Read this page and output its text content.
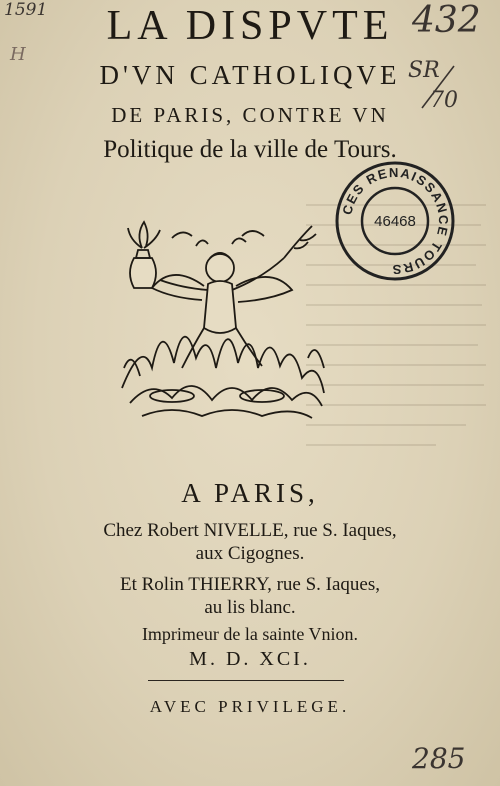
1591
H
432
SR
70
285
LA DISPVTE
D'VN CATHOLIQVE
DE PARIS, CONTRE VN
Politique de la ville de Tours.
CES RENAISSANCE TOURS
46468
A PARIS,
Chez Robert NIVELLE, rue S. Iaques,
aux Cigognes.
Et Rolin THIERRY, rue S. Iaques,
au lis blanc.
Imprimeur de la sainte Vnion.
M. D. XCI.
AVEC PRIVILEGE.
